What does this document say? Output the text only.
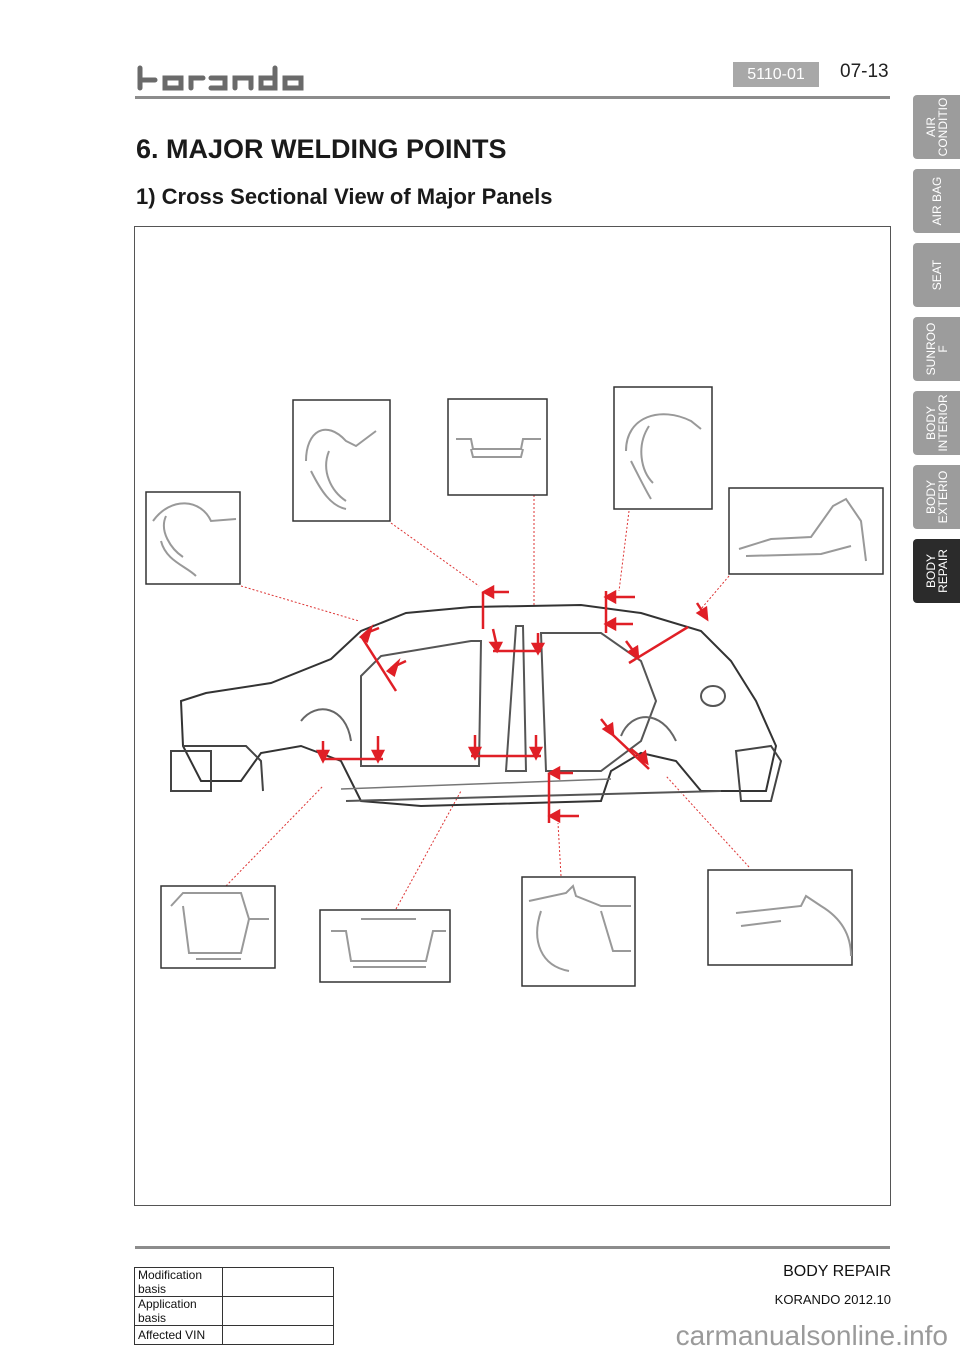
5110-01	07-13
AIR
CONDITIO
AIR BAG
SEAT
SUNROO
F
BODY
INTERIOR
BODY
EXTERIO
BODY
REPAIR
6. MAJOR WELDING POINTS
1) Cross Sectional View of Major Panels
Modification basis	
Application basis	
Affected VIN	
BODY REPAIR
KORANDO 2012.10
carmanualsonline.info
